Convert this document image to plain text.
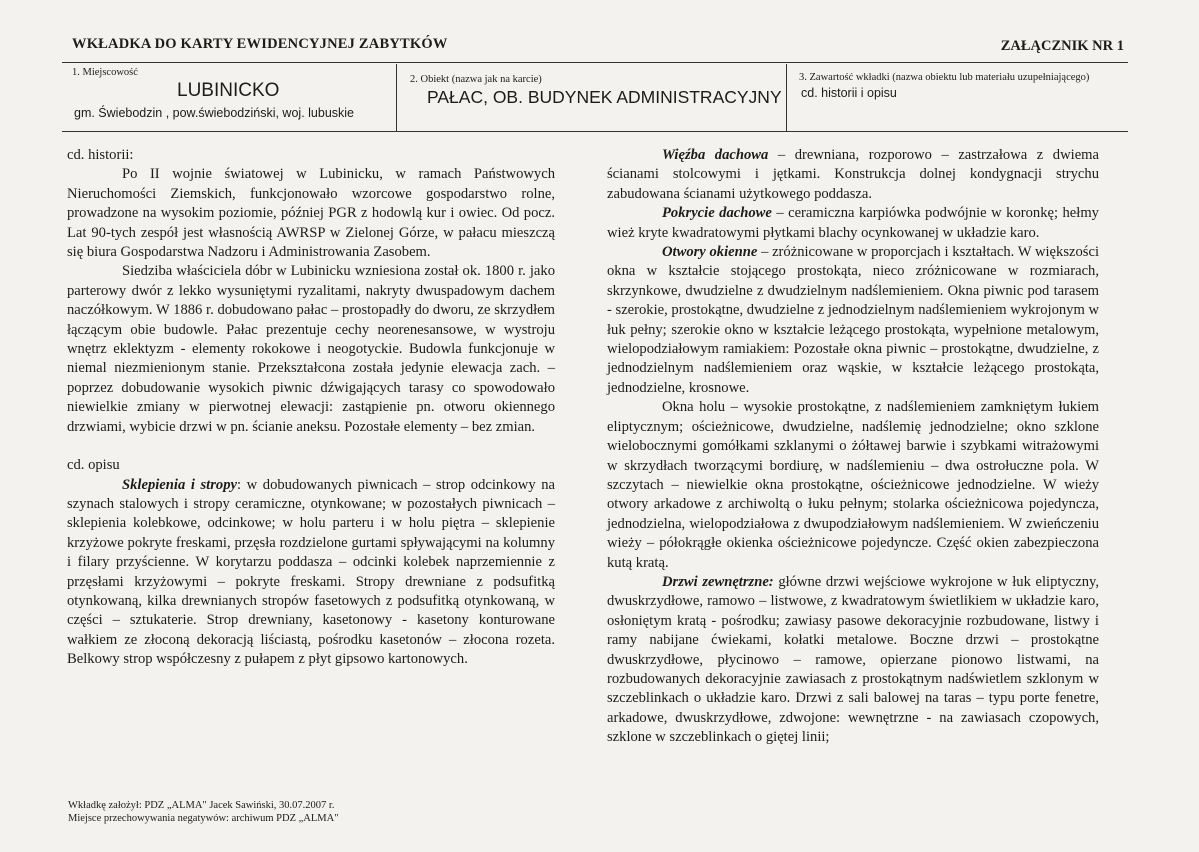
WKŁADKA DO KARTY EWIDENCYJNEJ ZABYTKÓW	ZAŁĄCZNIK NR 1
1. Miejscowość
LUBINICKO
gm. Świebodzin , pow.świebodziński, woj. lubuskie
2. Obiekt (nazwa jak na karcie)
PAŁAC, OB. BUDYNEK ADMINISTRACYJNY
3. Zawartość wkładki (nazwa obiektu lub materiału uzupełniającego)
cd. historii i opisu

cd. historii:

Po II wojnie światowej w Lubinicku, w ramach Państwowych Nieruchomości Ziemskich, funkcjonowało wzorcowe gospodarstwo rolne, prowadzone na wysokim poziomie, później PGR z hodowlą kur i owiec. Od pocz. Lat 90-tych zespół jest własnością AWRSP w Zielonej Górze, w pałacu mieszczą się biura Gospodarstwa Nadzoru i Administrowania Zasobem.

Siedziba właściciela dóbr w Lubinicku wzniesiona został ok. 1800 r. jako parterowy dwór z lekko wysuniętymi ryzalitami, nakryty dwuspadowym dachem naczółkowym. W 1886 r. dobudowano pałac – prostopadły do dworu, ze skrzydłem łączącym obie budowle. Pałac prezentuje cechy neorenesansowe, w wystroju wnętrz eklektyzm - elementy rokokowe i neogotyckie. Budowla funkcjonuje w niemal niezmienionym stanie. Przekształcona została jedynie elewacja zach. – poprzez dobudowanie wysokich piwnic dźwigających tarasy co spowodowało niewielkie zmiany w pierwotnej elewacji: zastąpienie pn. otworu okiennego drzwiami, wybicie drzwi w pn. ścianie aneksu. Pozostałe elementy – bez zmian.

cd. opisu

Sklepienia i stropy: w dobudowanych piwnicach – strop odcinkowy na szynach stalowych i stropy ceramiczne, otynkowane; w pozostałych piwnicach – sklepienia kolebkowe, odcinkowe; w holu parteru i w holu piętra – sklepienie krzyżowe pokryte freskami, przęsła rozdzielone gurtami spływającymi na kolumny i filary przyścienne. W korytarzu poddasza – odcinki kolebek naprzemiennie z przęsłami krzyżowymi – pokryte freskami. Stropy drewniane z podsufitką otynkowaną, kilka drewnianych stropów fasetowych z podsufitką otynkowaną, w części – sztukaterie. Strop drewniany, kasetonowy - kasetony konturowane wałkiem ze złoconą dekoracją liściastą, pośrodku kasetonów – złocona rozeta. Belkowy strop współczesny z pułapem z płyt gipsowo kartonowych.

Więźba dachowa – drewniana, rozporowo – zastrzałowa z dwiema ścianami stolcowymi i jętkami. Konstrukcja dolnej kondygnacji strychu zabudowana ścianami użytkowego poddasza.

Pokrycie dachowe – ceramiczna karpiówka podwójnie w koronkę; hełmy wież kryte kwadratowymi płytkami blachy ocynkowanej w układzie karo.

Otwory okienne – zróżnicowane w proporcjach i kształtach. W większości okna w kształcie stojącego prostokąta, nieco zróżnicowane w rozmiarach, skrzynkowe, dwudzielne z dwudzielnym nadślemieniem. Okna piwnic pod tarasem - szerokie, prostokątne, dwudzielne z jednodzielnym nadślemieniem wykrojonym w łuk pełny; szerokie okno w kształcie leżącego prostokąta, wypełnione metalowym, wielopodziałowym ramiakiem: Pozostałe okna piwnic – prostokątne, dwudzielne, z jednodzielnym nadślemieniem oraz wąskie, w kształcie leżącego prostokąta, jednodzielne, krosnowe.

Okna holu – wysokie prostokątne, z nadślemieniem zamkniętym łukiem eliptycznym; ościeżnicowe, dwudzielne, nadślemię jednodzielne; okno szklone wielobocznymi gomółkami szklanymi o żółtawej barwie i szybkami witrażowymi w skrzydłach tworzącymi bordiurę, w nadślemieniu – dwa ostrołuczne pola. W szczytach – niewielkie okna prostokątne, ościeżnicowe jednodzielne. W wieży otwory arkadowe z archiwoltą o łuku pełnym; stolarka ościeżnicowa pojedyncza, jednodzielna, wielopodziałowa z dwupodziałowym nadślemieniem. W zwieńczeniu wieży – półokrągłe okienka ościeżnicowe pojedyncze. Część okien zabezpieczona kutą kratą.

Drzwi zewnętrzne: główne drzwi wejściowe wykrojone w łuk eliptyczny, dwuskrzydłowe, ramowo – listwowe, z kwadratowym świetlikiem w układzie karo, osłoniętym kratą - pośrodku; zawiasy pasowe dekoracyjnie rozbudowane, listwy i ramy nabijane ćwiekami, kołatki metalowe. Boczne drzwi – prostokątne dwuskrzydłowe, płycinowo – ramowe, opierzane pionowo listwami, na rozbudowanych dekoracyjnie zawiasach z prostokątnym nadświetlem szklonym w szczeblinkach o układzie karo. Drzwi z sali balowej na taras – typu porte fenetre, arkadowe, dwuskrzydłowe, zdwojone: wewnętrzne - na zawiasach czopowych, szklone w szczeblinkach o giętej linii;

Wkładkę założył: PDZ „ALMA" Jacek Sawiński, 30.07.2007 r.
Miejsce przechowywania negatywów: archiwum PDZ „ALMA"
